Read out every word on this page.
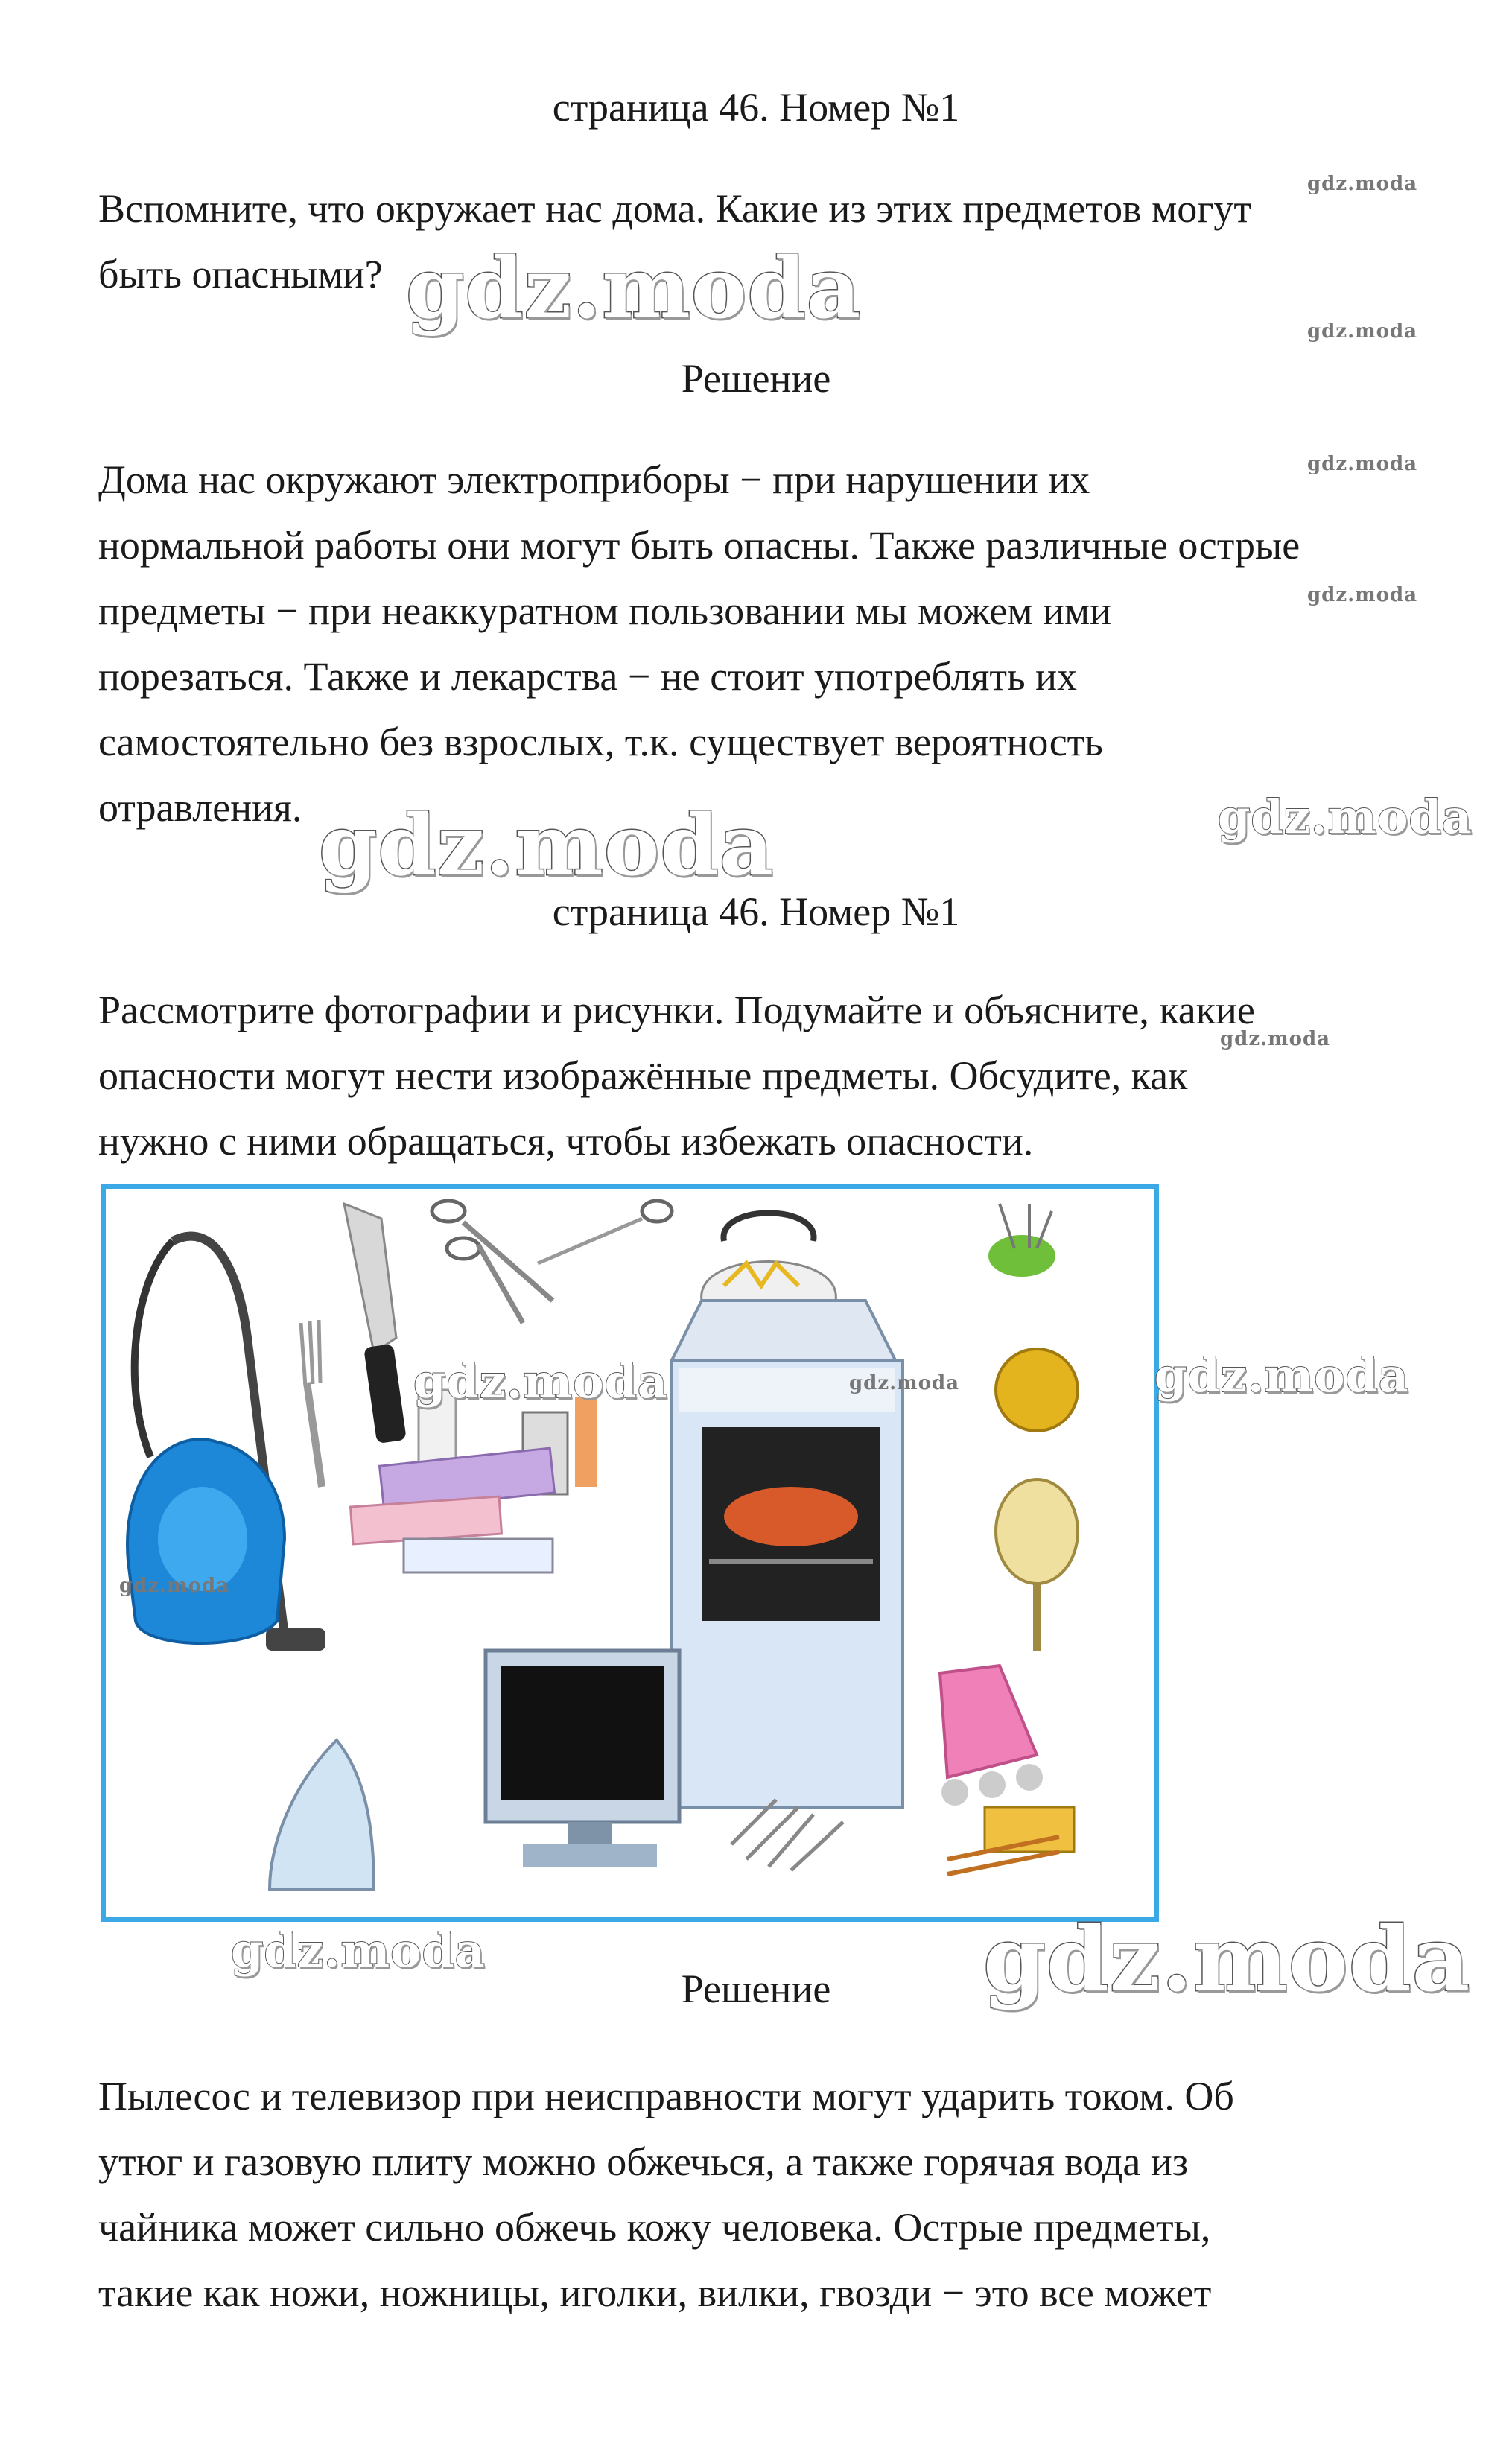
страница 46. Номер №1

Вспомните, что окружает нас дома. Какие из этих предметов могут

быть опасными?

Решение

Дома нас окружают электроприборы − при нарушении их

нормальной работы они могут быть опасны. Также различные острые

предметы − при неаккуратном пользовании мы можем ими

порезаться. Также и лекарства − не стоит употреблять их

самостоятельно без взрослых, т.к. существует вероятность

отравления.

страница 46. Номер №1

Рассмотрите фотографии и рисунки. Подумайте и объясните, какие

опасности могут нести изображённые предметы. Обсудите, как

нужно с ними обращаться, чтобы избежать опасности.

Решение

Пылесос и телевизор при неисправности могут ударить током. Об

утюг и газовую плиту можно обжечься, а также горячая вода из

чайника может сильно обжечь кожу человека. Острые предметы,

такие как ножи, ножницы, иголки, вилки, гвозди − это все может

gdz.moda
gdz.moda	gdz.moda
gdz.moda
gdz.moda
gdz.moda
gdz.moda
gdz.moda
gdz.moda	gdz.moda	gdz.moda
gdz.moda
gdz.moda	gdz.moda
